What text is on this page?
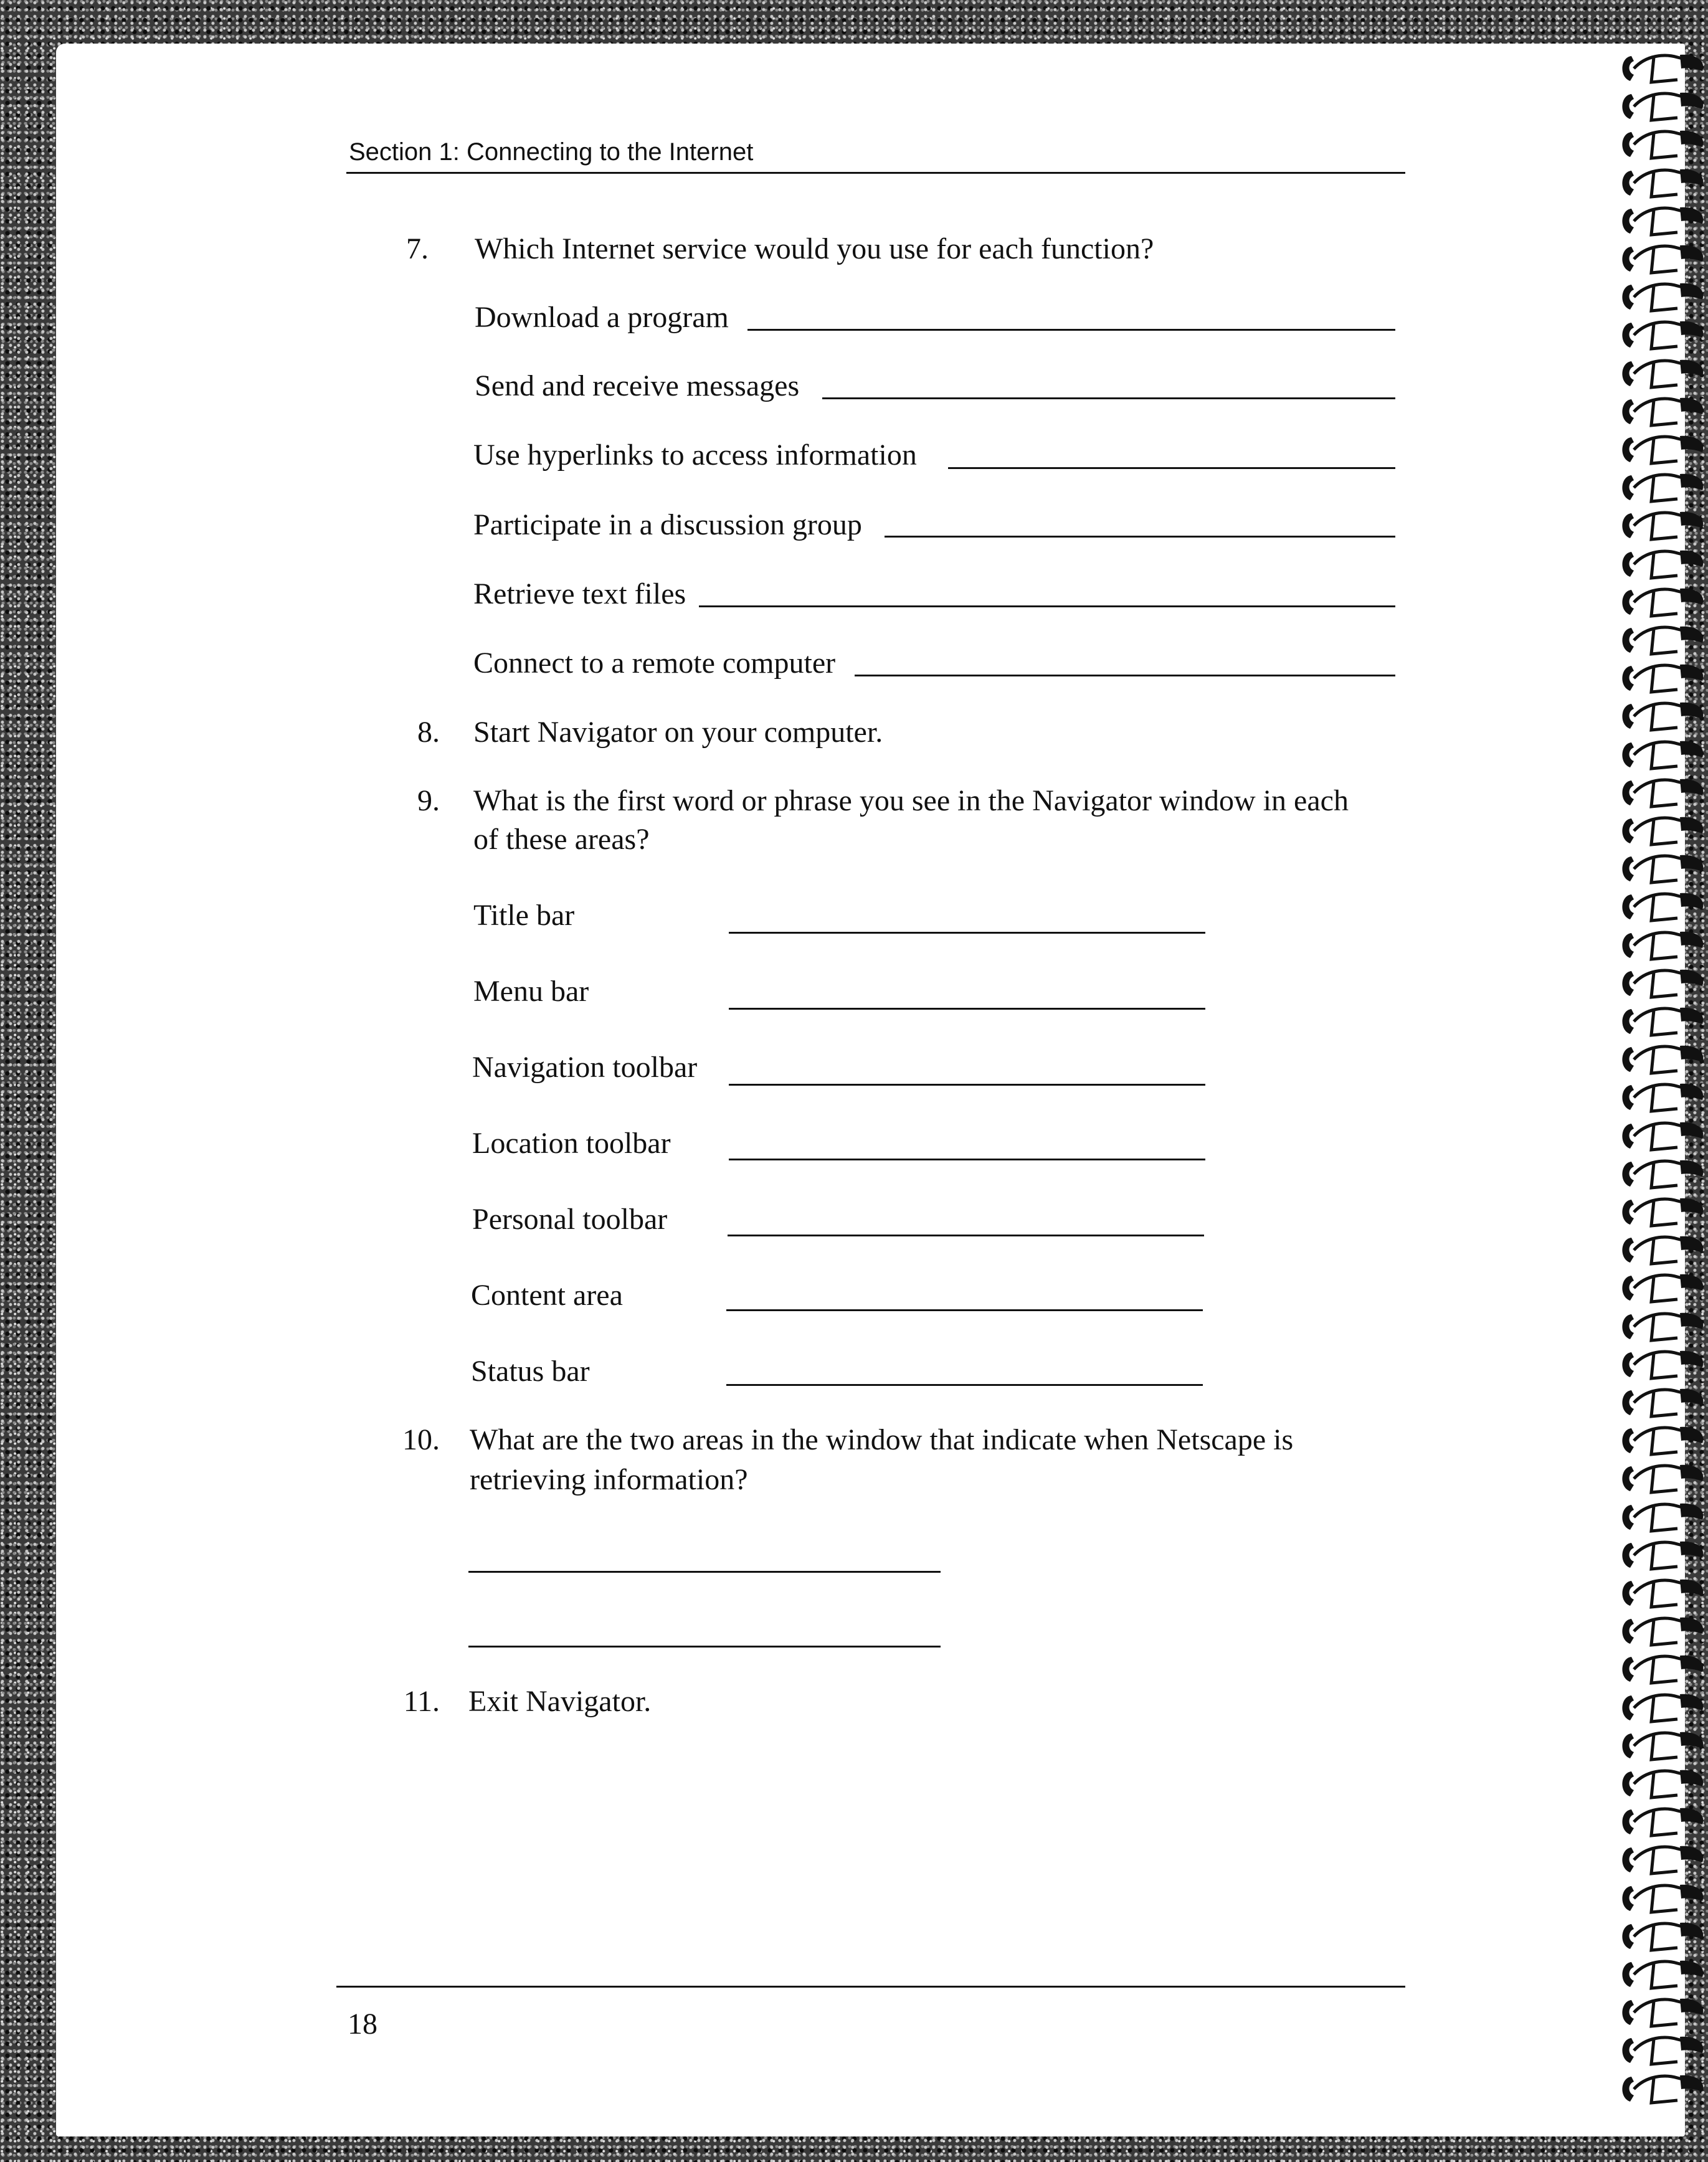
Section 1: Connecting to the Internet
7. Which Internet service would you use for each function?
Download a program
Send and receive messages
Use hyperlinks to access information
Participate in a discussion group
Retrieve text files
Connect to a remote computer
8. Start Navigator on your computer.
9. What is the first word or phrase you see in the Navigator window in each
of these areas?
Title bar
Menu bar
Navigation toolbar
Location toolbar
Personal toolbar
Content area
Status bar
10. What are the two areas in the window that indicate when Netscape is
retrieving information?
11. Exit Navigator.
18
